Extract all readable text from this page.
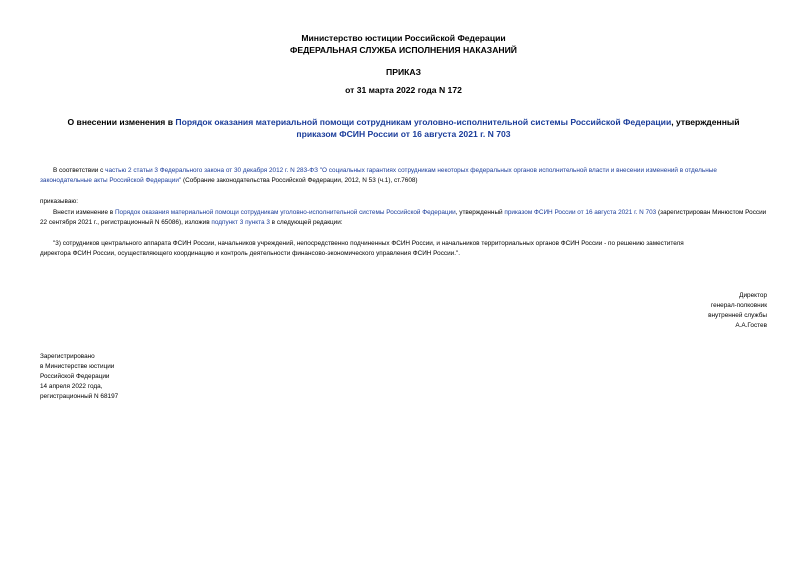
Министерство юстиции Российской Федерации
ФЕДЕРАЛЬНАЯ СЛУЖБА ИСПОЛНЕНИЯ НАКАЗАНИЙ
ПРИКАЗ
от 31 марта 2022 года N 172
О внесении изменения в Порядок оказания материальной помощи сотрудникам уголовно-исполнительной системы Российской Федерации, утвержденный
приказом ФСИН России от 16 августа 2021 г. N 703
В соответствии с частью 2 статьи 3 Федерального закона от 30 декабря 2012 г. N 283-ФЗ "О социальных гарантиях сотрудникам некоторых федеральных органов исполнительной власти и внесении изменений в отдельные законодательные акты Российской Федерации" (Собрание законодательства Российской Федерации, 2012, N 53 (ч.1), ст.7608)
приказываю:
Внести изменение в Порядок оказания материальной помощи сотрудникам уголовно-исполнительной системы Российской Федерации, утвержденный приказом ФСИН России от 16 августа 2021 г. N 703 (зарегистрирован Минюстом России 22 сентября 2021 г., регистрационный N 65086), изложив подпункт 3 пункта 3 в следующей редакции:
"3) сотрудников центрального аппарата ФСИН России, начальников учреждений, непосредственно подчиненных ФСИН России, и начальников территориальных органов ФСИН России - по решению заместителя
директора ФСИН России, осуществляющего координацию и контроль деятельности финансово-экономического управления ФСИН России.".
Директор
генерал-полковник
внутренней службы
А.А.Гостев
Зарегистрировано
в Министерстве юстиции
Российской Федерации
14 апреля 2022 года,
регистрационный N 68197
